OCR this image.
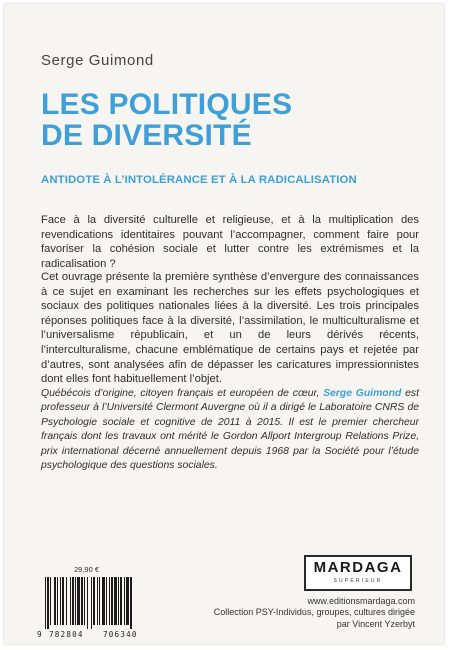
Serge Guimond

LES POLITIQUES
DE DIVERSITÉ

ANTIDOTE À L’INTOLÉRANCE ET À LA RADICALISATION

Face à la diversité culturelle et religieuse, et à la multiplication des revendications identitaires pouvant l’accompagner, comment faire pour favoriser la cohésion sociale et lutter contre les extrémismes et la radicalisation ?

Cet ouvrage présente la première synthèse d’envergure des connaissances à ce sujet en examinant les recherches sur les effets psychologiques et sociaux des politiques nationales liées à la diversité. Les trois principales réponses politiques face à la diversité, l’assimilation, le multiculturalisme et l’universalisme républicain, et un de leurs dérivés récents, l’interculturalisme, chacune emblématique de certains pays et rejetée par d’autres, sont analysées afin de dépasser les caricatures impressionnistes dont elles font habituellement l’objet.

Québécois d’origine, citoyen français et européen de cœur, Serge Guimond est professeur à l’Université Clermont Auvergne où il a dirigé le Laboratoire CNRS de Psychologie sociale et cognitive de 2011 à 2015. Il est le premier chercheur français dont les travaux ont mérité le Gordon Allport Intergroup Relations Prize, prix international décerné annuellement depuis 1968 par la Société pour l’étude psychologique des questions sociales.

29,90 €

9 782804	706340
MARDAGA
SUPÉRIEUR

www.editionsmardaga.com
Collection PSY-Individus, groupes, cultures dirigée
par Vincent Yzerbyt
